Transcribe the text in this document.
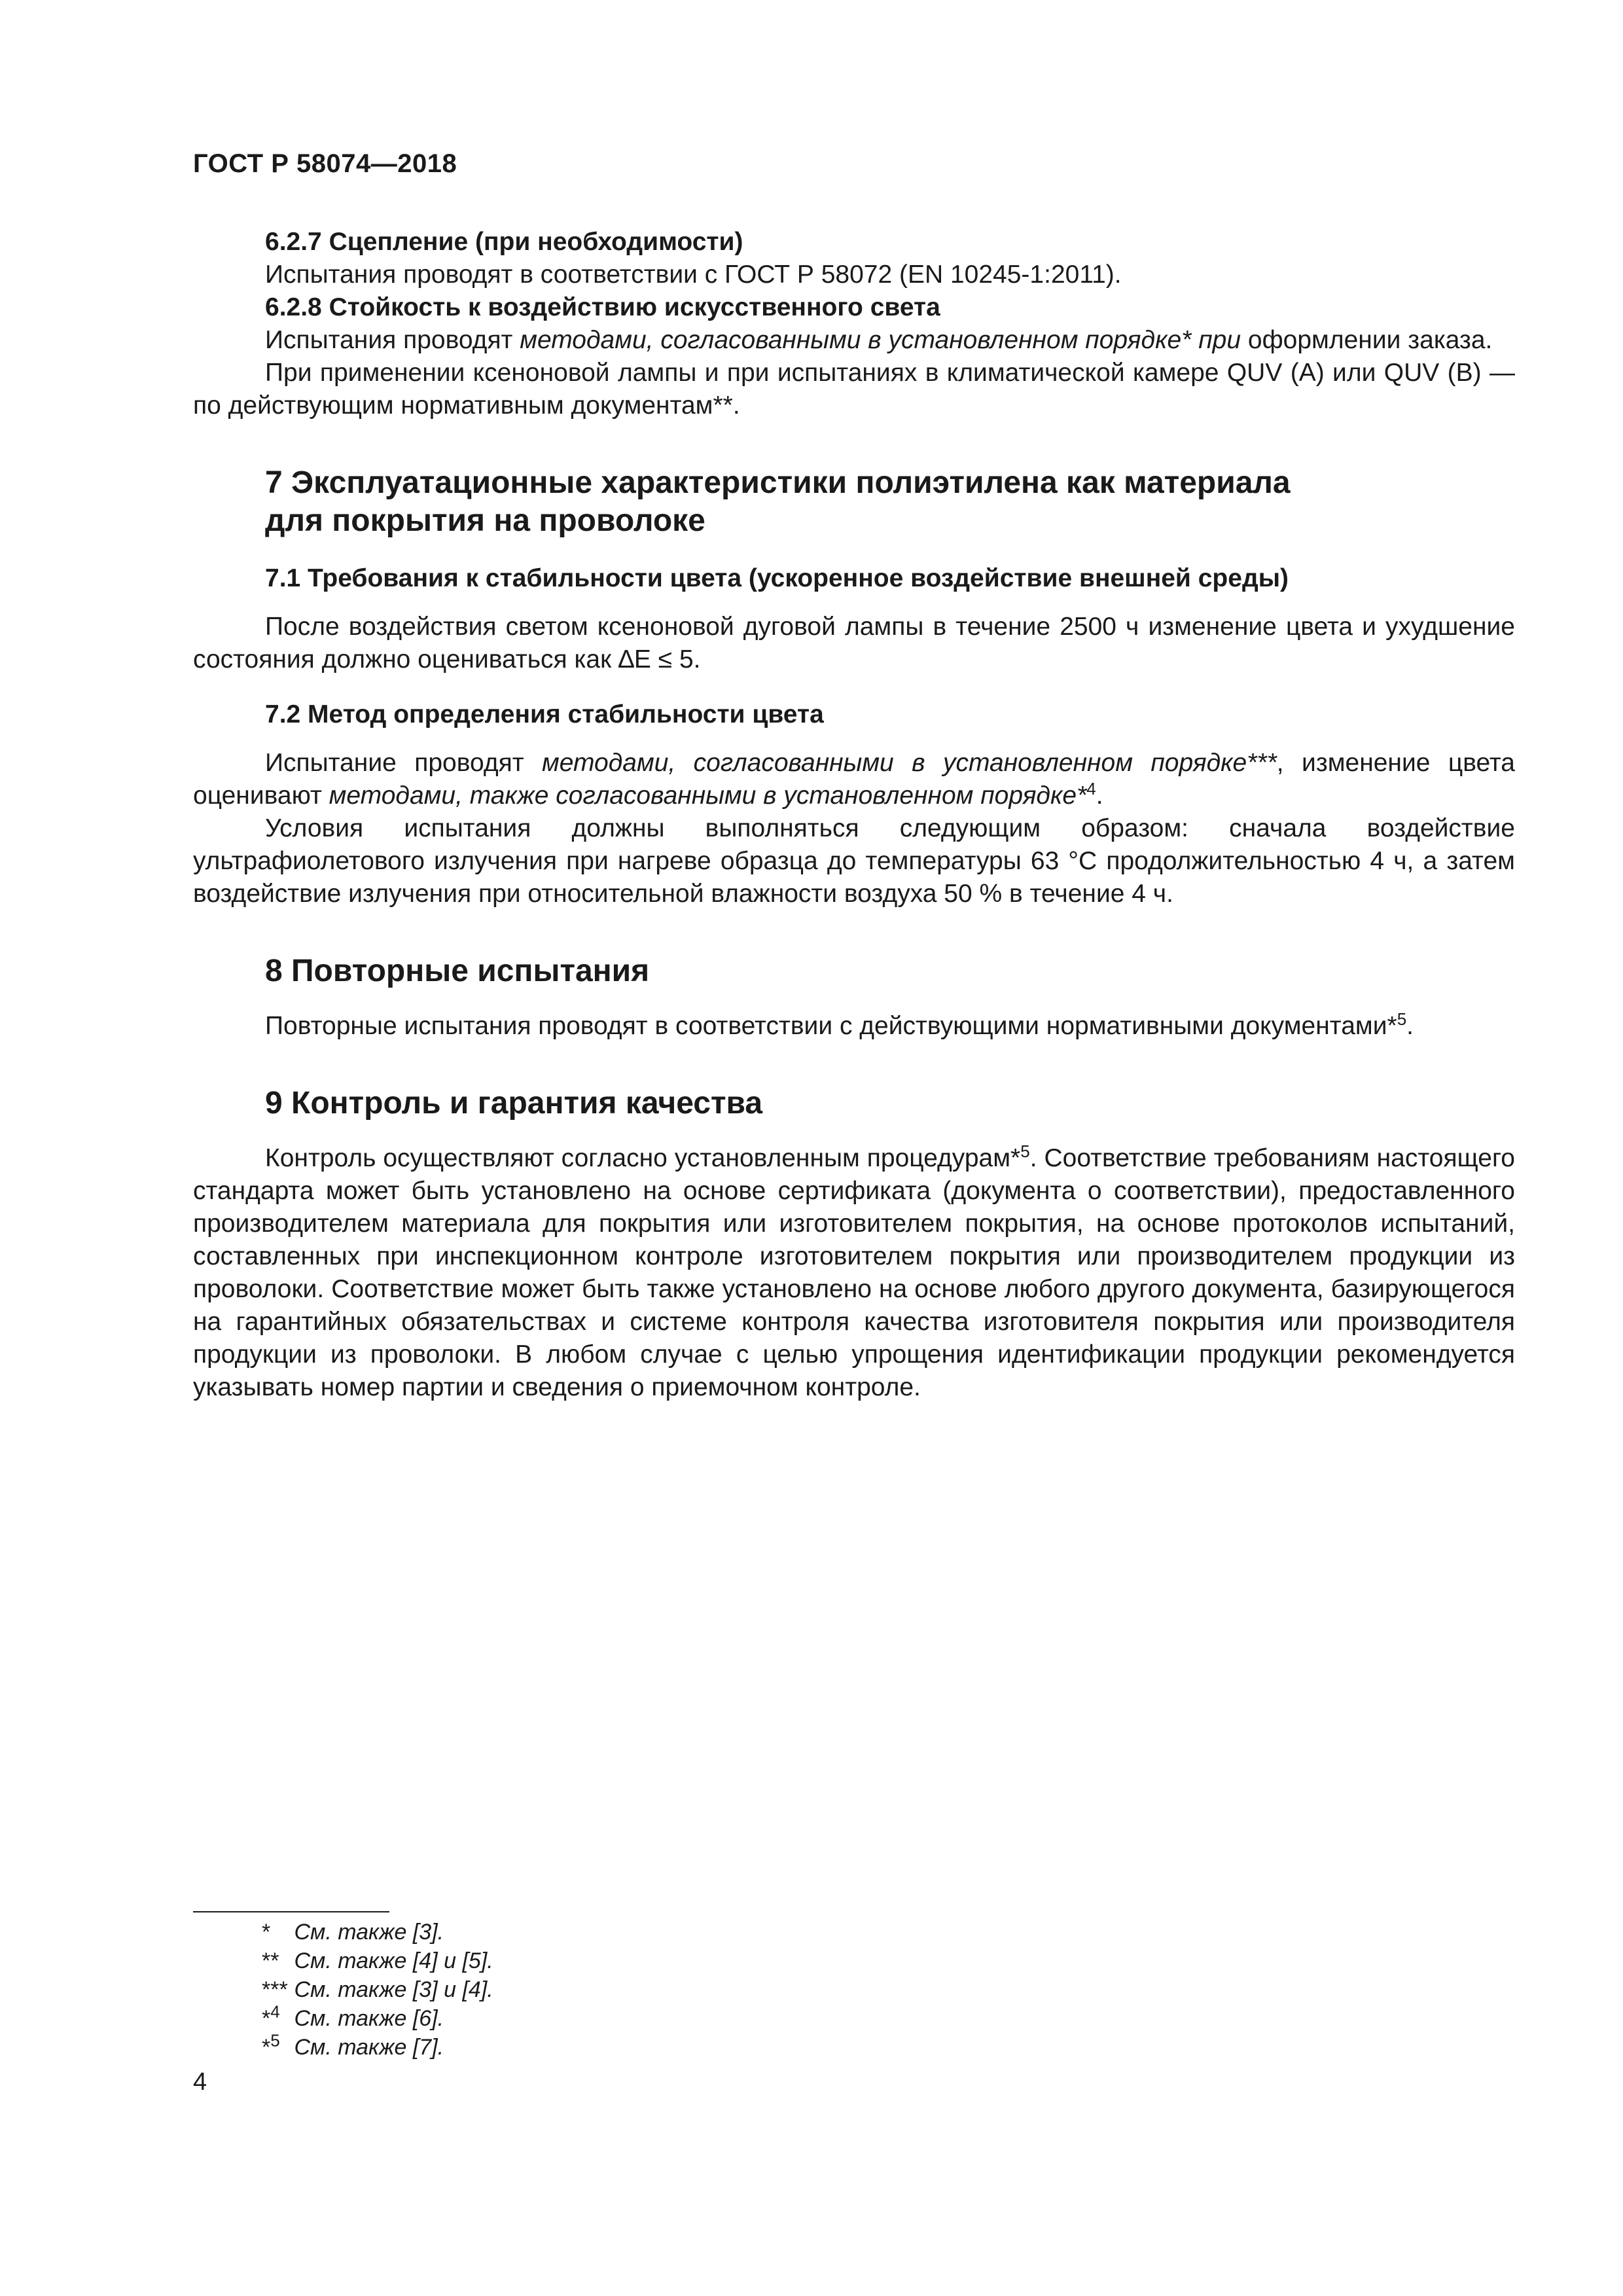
ГОСТ Р 58074—2018

6.2.7 Сцепление (при необходимости)

Испытания проводят в соответствии с ГОСТ Р 58072 (EN 10245-1:2011).

6.2.8 Стойкость к воздействию искусственного света

Испытания проводят методами, согласованными в установленном порядке* при оформлении заказа.

При применении ксеноновой лампы и при испытаниях в климатической камере QUV (A) или QUV (B) — по действующим нормативным документам**.

7 Эксплуатационные характеристики полиэтилена как материала
для покрытия на проволоке

7.1 Требования к стабильности цвета (ускоренное воздействие внешней среды)

После воздействия светом ксеноновой дуговой лампы в течение 2500 ч изменение цвета и ухудшение состояния должно оцениваться как ∆E ≤ 5.

7.2 Метод определения стабильности цвета

Испытание проводят методами, согласованными в установленном порядке***, изменение цвета оценивают методами, также согласованными в установленном порядке*$^4$.

Условия испытания должны выполняться следующим образом: сначала воздействие ультрафиолетового излучения при нагреве образца до температуры 63 °С продолжительностью 4 ч, а затем воздействие излучения при относительной влажности воздуха 50 % в течение 4 ч.

8 Повторные испытания

Повторные испытания проводят в соответствии с действующими нормативными документами*$^5$.

9 Контроль и гарантия качества

Контроль осуществляют согласно установленным процедурам*$^5$. Соответствие требованиям настоящего стандарта может быть установлено на основе сертификата (документа о соответствии), предоставленного производителем материала для покрытия или изготовителем покрытия, на основе протоколов испытаний, составленных при инспекционном контроле изготовителем покрытия или производителем продукции из проволоки. Соответствие может быть также установлено на основе любого другого документа, базирующегося на гарантийных обязательствах и системе контроля качества изготовителя покрытия или производителя продукции из проволоки. В любом случае с целью упрощения идентификации продукции рекомендуется указывать номер партии и сведения о приемочном контроле.

* См. также [3].
** См. также [4] и [5].
*** См. также [3] и [4].
*$^4$ См. также [6].
*$^5$ См. также [7].
4
